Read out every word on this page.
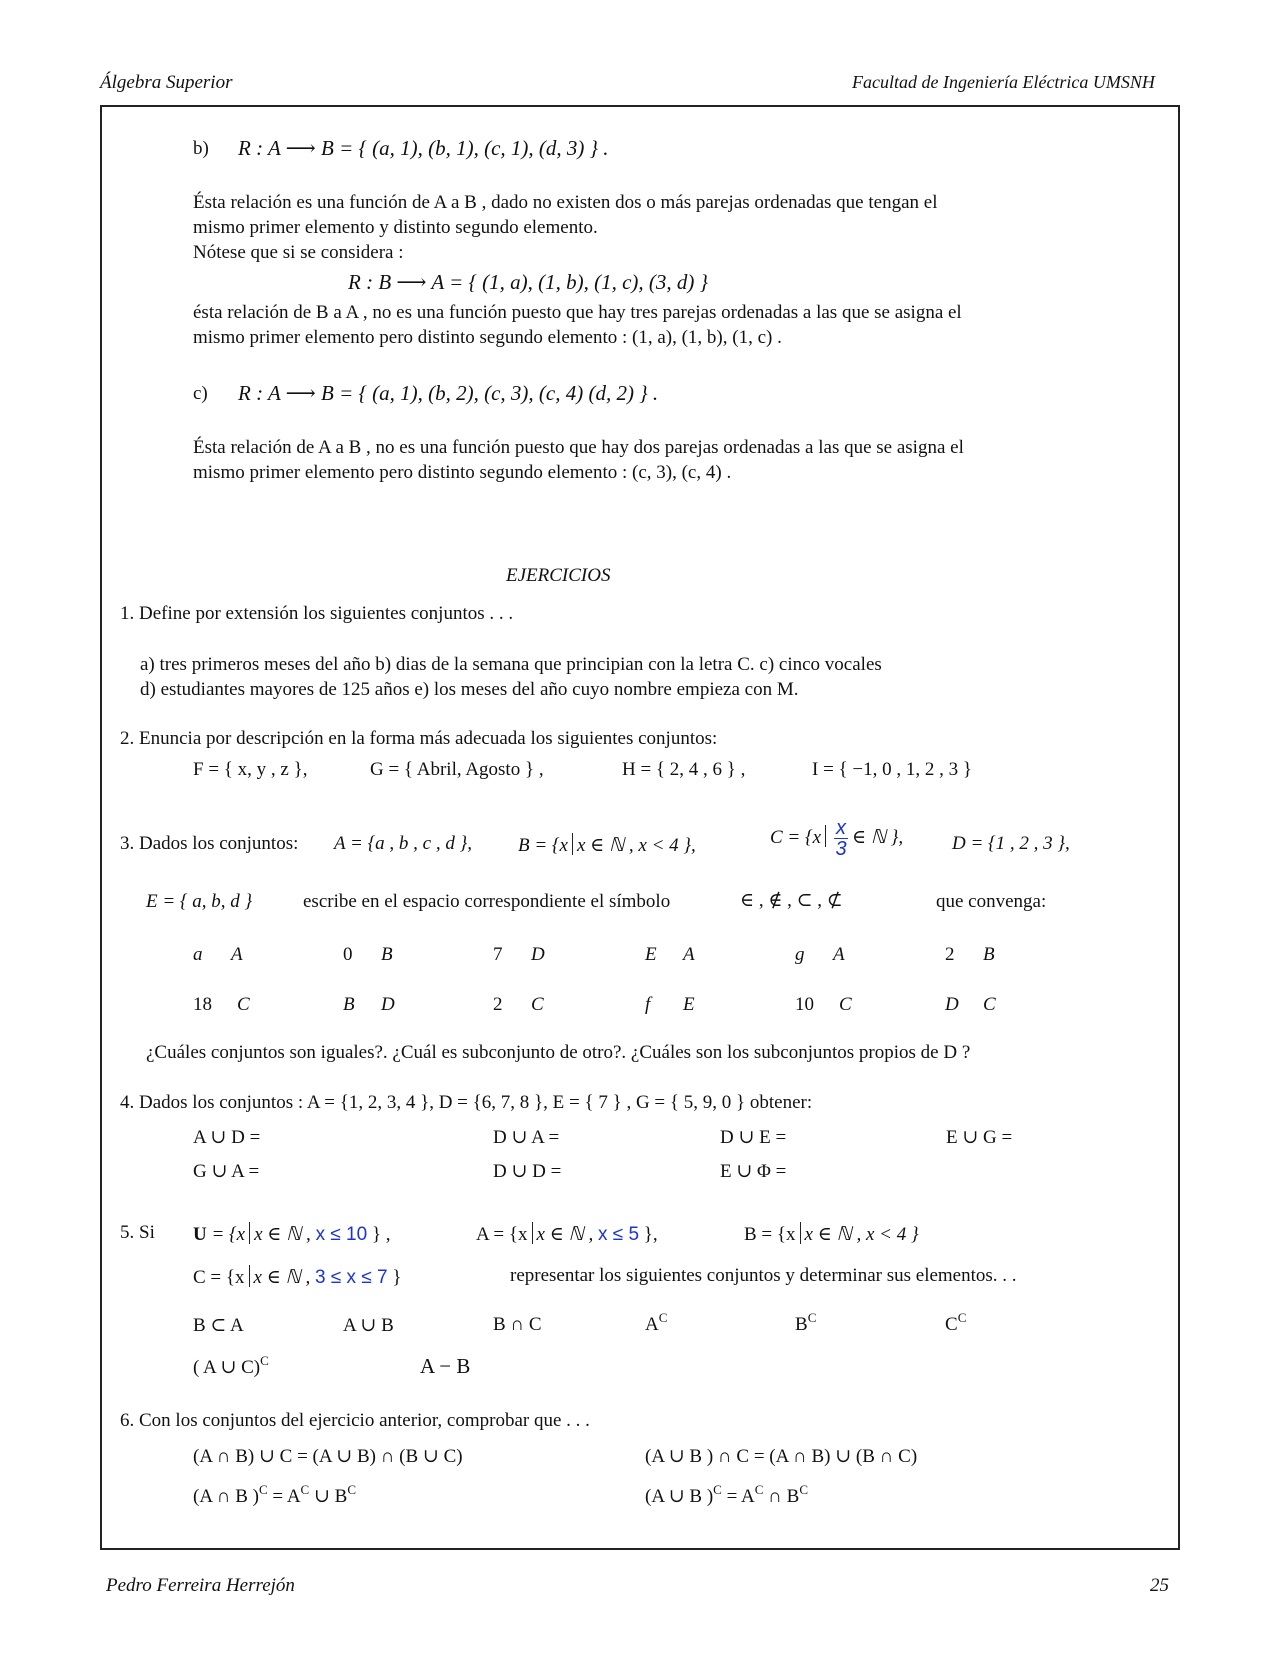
Álgebra Superior	Facultad de Ingeniería Eléctrica UMSNH
b) R : A ⟶ B = { (a, 1), (b, 1), (c, 1), (d, 3) } .
Ésta relación es una función de A a B , dado no existen dos o más parejas ordenadas que tengan el
mismo primer elemento y distinto segundo elemento.
Nótese que si se considera :
R : B ⟶ A = { (1, a), (1, b), (1, c), (3, d) }
ésta relación de B a A , no es una función puesto que hay tres parejas ordenadas a las que se asigna el
mismo primer elemento pero distinto segundo elemento : (1, a), (1, b), (1, c) .
c) R : A ⟶ B = { (a, 1), (b, 2), (c, 3), (c, 4) (d, 2) } .
Ésta relación de A a B , no es una función puesto que hay dos parejas ordenadas a las que se asigna el
mismo primer elemento pero distinto segundo elemento : (c, 3), (c, 4) .
EJERCICIOS
1. Define por extensión los siguientes conjuntos . . .
a) tres primeros meses del año b) dias de la semana que principian con la letra C. c) cinco vocales
d) estudiantes mayores de 125 años e) los meses del año cuyo nombre empieza con M.
2. Enuncia por descripción en la forma más adecuada los siguientes conjuntos:
F = { x, y , z },	G = { Abril, Agosto } ,	H = { 2, 4 , 6 } ,	I = { −1, 0 , 1, 2 , 3 }
3. Dados los conjuntos: A = {a , b , c , d }, B = {x x ∈ ℕ , x < 4 },	$C = \{x \frac{x}{3}$ ∈ ℕ },	D = {1 , 2 , 3 },
E = { a, b, d }	escribe en el espacio correspondiente el símbolo	∈ , ∉ , ⊂ , ⊄	que convenga:
a A	0 B	7 D	E A	g A	2 B
18 C	B D	2 C	f E	10 C	D C
¿Cuáles conjuntos son iguales?. ¿Cuál es subconjunto de otro?. ¿Cuáles son los subconjuntos propios de D ?
4. Dados los conjuntos : A = {1, 2, 3, 4 }, D = {6, 7, 8 }, E = { 7 } , G = { 5, 9, 0 } obtener:
A ∪ D =	D ∪ A =	D ∪ E =	E ∪ G =
G ∪ A =	D ∪ D =	E ∪ Φ =
5. Si U = {x x ∈ ℕ , x ≤ 10 } ,	A = {x x ∈ ℕ , x ≤ 5 },	B = {x x ∈ ℕ , x < 4 }
C = {x x ∈ ℕ , 3 ≤ x ≤ 7 }	representar los siguientes conjuntos y determinar sus elementos. . .
B ⊂ A	A ∪ B	B ∩ C	$A^C$	$B^C$	$C^C$
( A ∪ C)$^C$	A − B
6. Con los conjuntos del ejercicio anterior, comprobar que . . .
(A ∩ B) ∪ C = (A ∪ B) ∩ (B ∪ C)	(A ∪ B ) ∩ C = (A ∩ B) ∪ (B ∩ C)
(A ∩ B )$^C = A^C$ ∪ $B^C$	(A ∪ B )$^C = A^C$ ∩ $B^C$
Pedro Ferreira Herrejón	25
